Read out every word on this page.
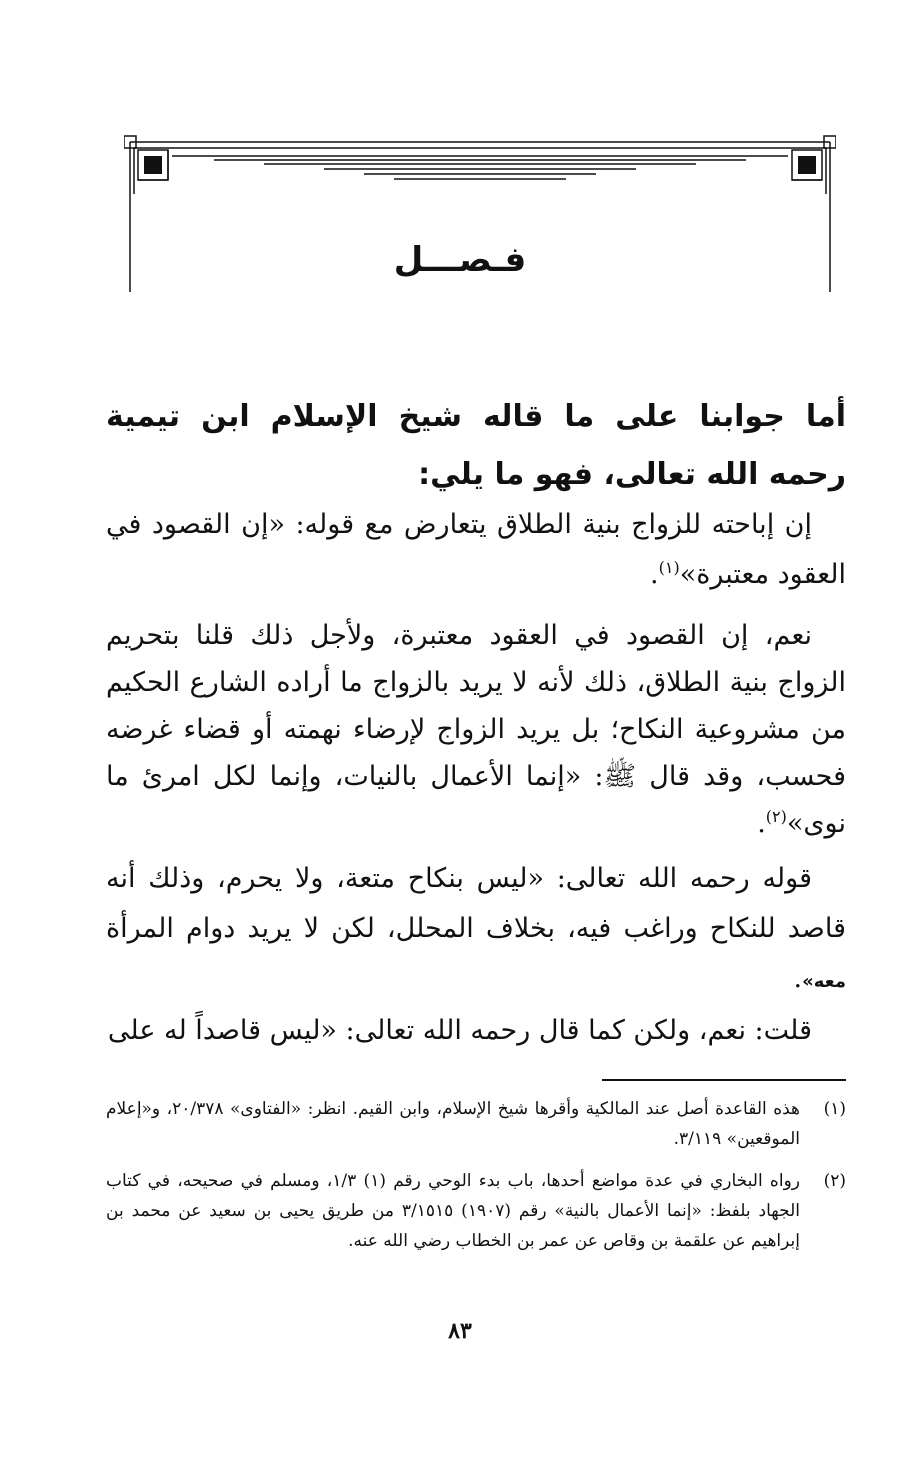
فـصـــل
أما جوابنا على ما قاله شيخ الإسلام ابن تيمية رحمه الله تعالى، فهو ما يلي:
إن إباحته للزواج بنية الطلاق يتعارض مع قوله: «إن القصود في العقود معتبرة»$^{(١)}$.
نعم، إن القصود في العقود معتبرة، ولأجل ذلك قلنا بتحريم الزواج بنية الطلاق، ذلك لأنه لا يريد بالزواج ما أراده الشارع الحكيم من مشروعية النكاح؛ بل يريد الزواج لإرضاء نهمته أو قضاء غرضه فحسب، وقد قال ﷺ: «إنما الأعمال بالنيات، وإنما لكل امرئ ما نوى»$^{(٢)}$.
قوله رحمه الله تعالى: «ليس بنكاح متعة، ولا يحرم، وذلك أنه قاصد للنكاح وراغب فيه، بخلاف المحلل، لكن لا يريد دوام المرأة معه».
قلت: نعم، ولكن كما قال رحمه الله تعالى: «ليس قاصداً له على
(١)
هذه القاعدة أصل عند المالكية وأقرها شيخ الإسلام، وابن القيم. انظر: «الفتاوى» ٢٠/٣٧٨، و«إعلام الموقعين» ٣/١١٩.
(٢)
رواه البخاري في عدة مواضع أحدها، باب بدء الوحي رقم (١) ١/٣، ومسلم في صحيحه، في كتاب الجهاد بلفظ: «إنما الأعمال بالنية» رقم (١٩٠٧) ٣/١٥١٥ من طريق يحيى بن سعيد عن محمد بن إبراهيم عن علقمة بن وقاص عن عمر بن الخطاب رضي الله عنه.
٨٣
